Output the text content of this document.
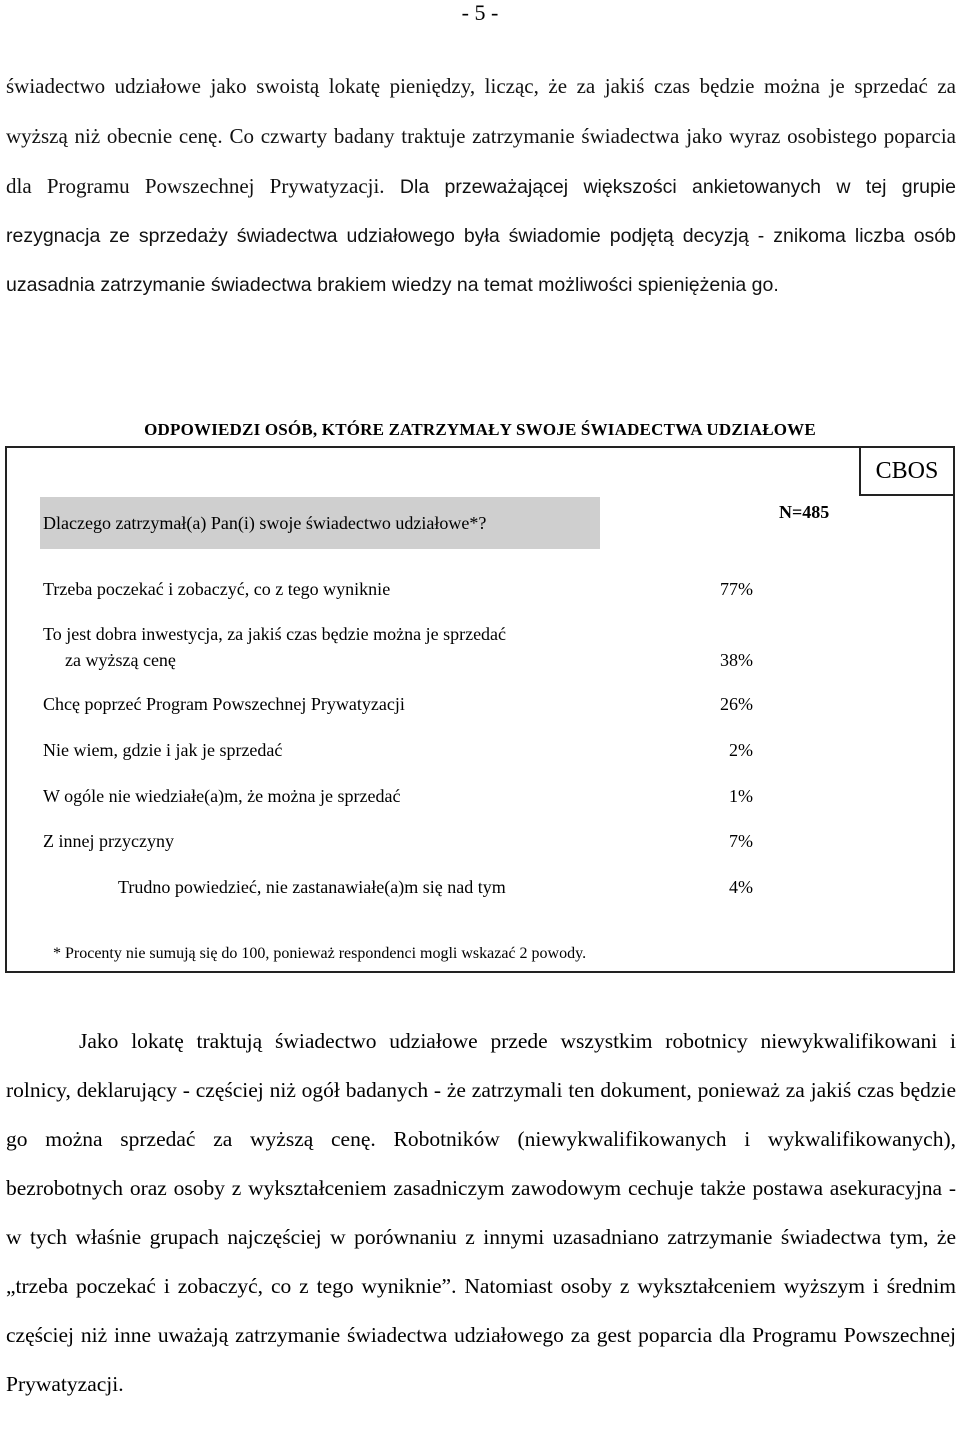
- 5 -

świadectwo udziałowe jako swoistą lokatę pieniędzy, licząc, że za jakiś czas będzie można je sprzedać za wyższą niż obecnie cenę. Co czwarty badany traktuje zatrzymanie świadectwa jako wyraz osobistego poparcia dla Programu Powszechnej Prywatyzacji. Dla przeważającej większości ankietowanych w tej grupie rezygnacja ze sprzedaży świadectwa udziałowego była świadomie podjętą decyzją - znikoma liczba osób uzasadnia zatrzymanie świadectwa brakiem wiedzy na temat możliwości spieniężenia go.

ODPOWIEDZI OSÓB, KTÓRE ZATRZYMAŁY SWOJE ŚWIADECTWA UDZIAŁOWE
CBOS
Dlaczego zatrzymał(a) Pan(i) swoje świadectwo udziałowe*?
N=485
Trzeba poczekać i zobaczyć, co z tego wyniknie	77%
To jest dobra inwestycja, za jakiś czas będzie można je sprzedać
za wyższą cenę	38%
Chcę poprzeć Program Powszechnej Prywatyzacji	26%
Nie wiem, gdzie i jak je sprzedać	2%
W ogóle nie wiedziałe(a)m, że można je sprzedać	1%
Z innej przyczyny	7%
Trudno powiedzieć, nie zastanawiałe(a)m się nad tym	4%
* Procenty nie sumują się do 100, ponieważ respondenci mogli wskazać 2 powody.

Jako lokatę traktują świadectwo udziałowe przede wszystkim robotnicy niewykwalifikowani i rolnicy, deklarujący - częściej niż ogół badanych - że zatrzymali ten dokument, ponieważ za jakiś czas będzie go można sprzedać za wyższą cenę. Robotników (niewykwalifikowanych i wykwalifikowanych), bezrobotnych oraz osoby z wykształceniem zasadniczym zawodowym cechuje także postawa asekuracyjna - w tych właśnie grupach najczęściej w porównaniu z innymi uzasadniano zatrzymanie świadectwa tym, że „trzeba poczekać i zobaczyć, co z tego wyniknie”. Natomiast osoby z wykształceniem wyższym i średnim częściej niż inne uważają zatrzymanie świadectwa udziałowego za gest poparcia dla Programu Powszechnej Prywatyzacji.
